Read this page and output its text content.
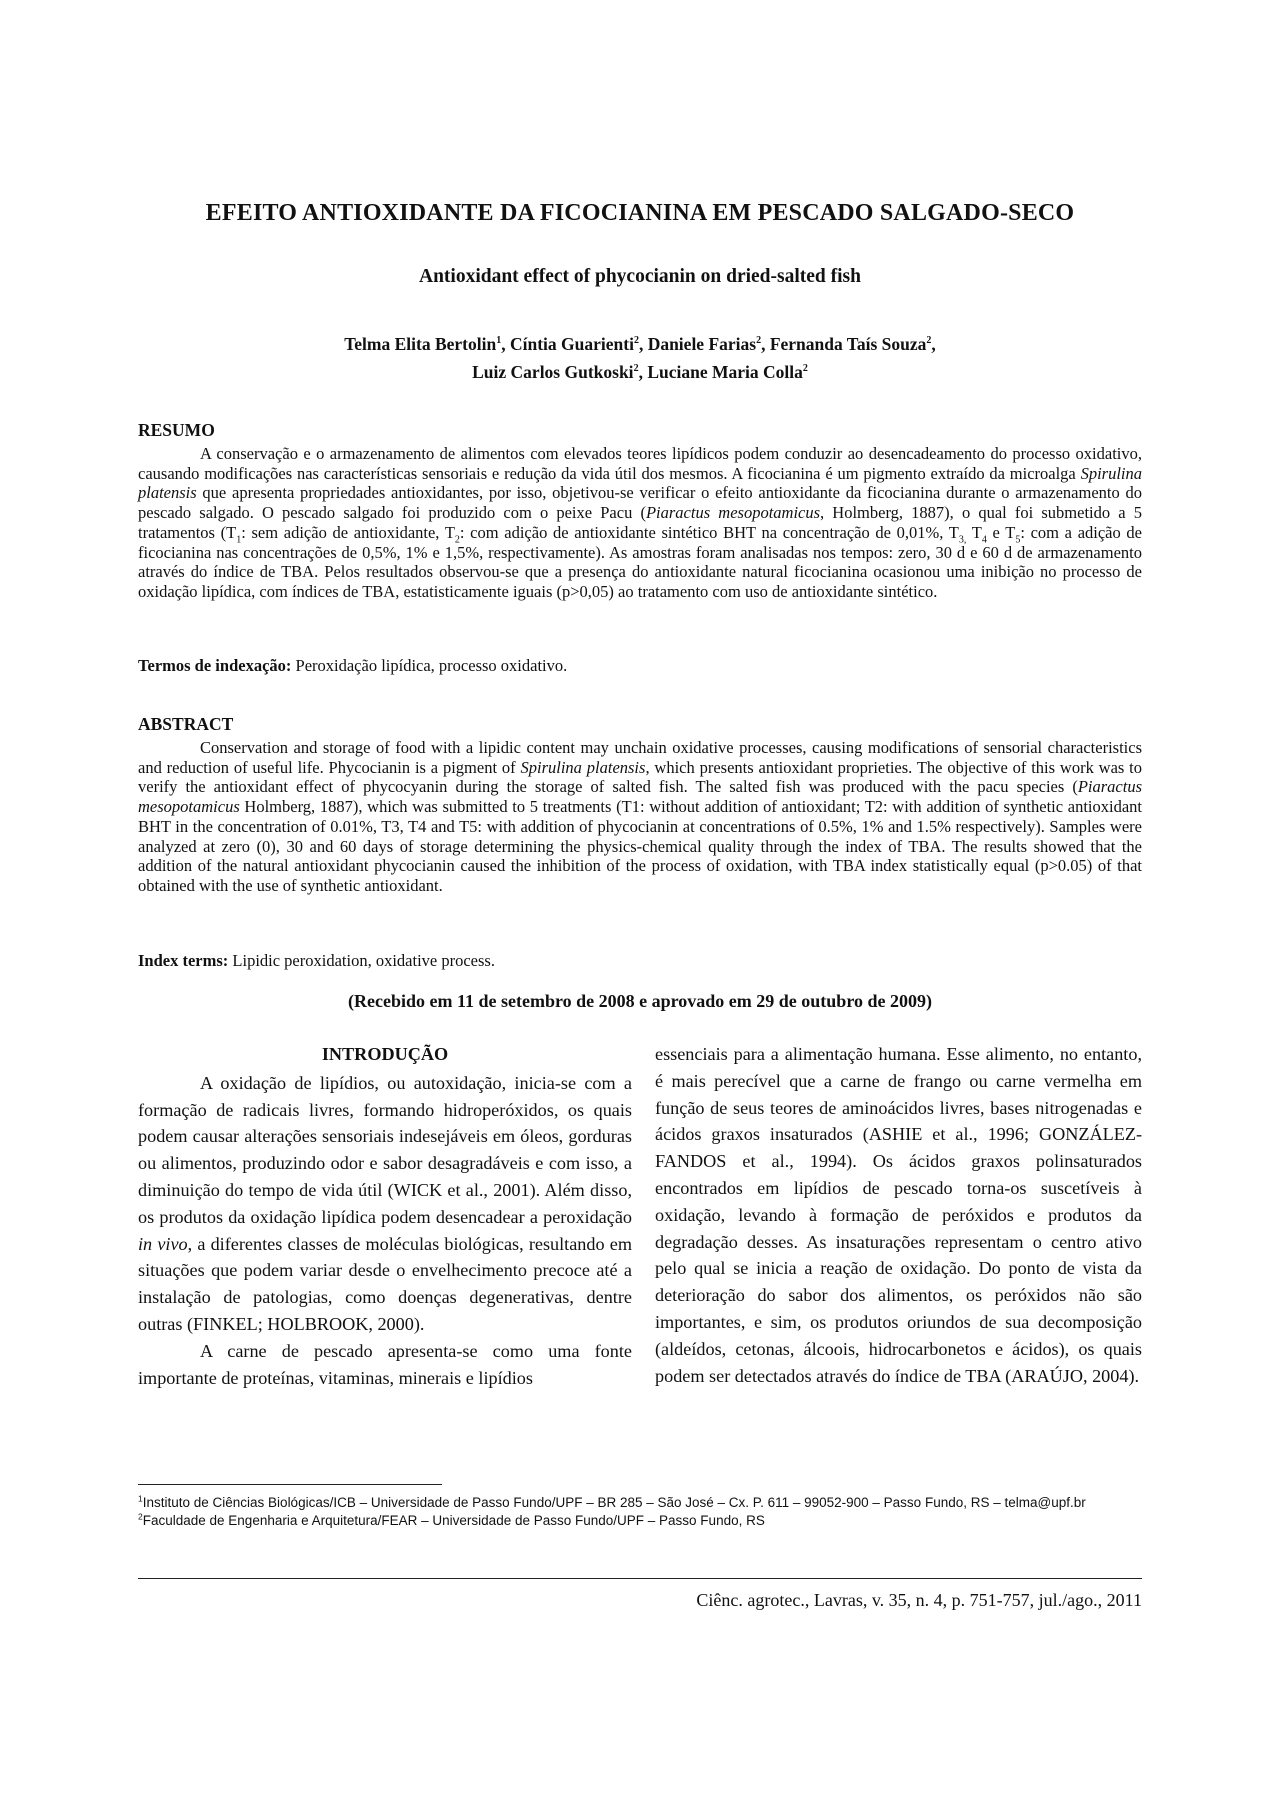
EFEITO ANTIOXIDANTE DA FICOCIANINA EM PESCADO SALGADO-SECO
Antioxidant effect of phycocianin on dried-salted fish
Telma Elita Bertolin$^1$, Cíntia Guarienti$^2$, Daniele Farias$^2$, Fernanda Taís Souza$^2$,
Luiz Carlos Gutkoski$^2$, Luciane Maria Colla$^2$
RESUMO

A conservação e o armazenamento de alimentos com elevados teores lipídicos podem conduzir ao desencadeamento do processo oxidativo, causando modificações nas características sensoriais e redução da vida útil dos mesmos. A ficocianina é um pigmento extraído da microalga Spirulina platensis que apresenta propriedades antioxidantes, por isso, objetivou-se verificar o efeito antioxidante da ficocianina durante o armazenamento do pescado salgado. O pescado salgado foi produzido com o peixe Pacu (Piaractus mesopotamicus, Holmberg, 1887), o qual foi submetido a 5 tratamentos ($T_1$: sem adição de antioxidante, $T_2$: com adição de antioxidante sintético BHT na concentração de 0,01%, $T_{3,}$ $T_4$ e $T_5$: com a adição de ficocianina nas concentrações de 0,5%, 1% e 1,5%, respectivamente). As amostras foram analisadas nos tempos: zero, 30 d e 60 d de armazenamento através do índice de TBA. Pelos resultados observou-se que a presença do antioxidante natural ficocianina ocasionou uma inibição no processo de oxidação lipídica, com índices de TBA, estatisticamente iguais (p>0,05) ao tratamento com uso de antioxidante sintético.

Termos de indexação: Peroxidação lipídica, processo oxidativo.
ABSTRACT

Conservation and storage of food with a lipidic content may unchain oxidative processes, causing modifications of sensorial characteristics and reduction of useful life. Phycocianin is a pigment of Spirulina platensis, which presents antioxidant proprieties. The objective of this work was to verify the antioxidant effect of phycocyanin during the storage of salted fish. The salted fish was produced with the pacu species (Piaractus mesopotamicus Holmberg, 1887), which was submitted to 5 treatments (T1: without addition of antioxidant; T2: with addition of synthetic antioxidant BHT in the concentration of 0.01%, T3, T4 and T5: with addition of phycocianin at concentrations of 0.5%, 1% and 1.5% respectively). Samples were analyzed at zero (0), 30 and 60 days of storage determining the physics-chemical quality through the index of TBA. The results showed that the addition of the natural antioxidant phycocianin caused the inhibition of the process of oxidation, with TBA index statistically equal (p>0.05) of that obtained with the use of synthetic antioxidant.

Index terms: Lipidic peroxidation, oxidative process.
(Recebido em 11 de setembro de 2008 e aprovado em 29 de outubro de 2009)

INTRODUÇÃO

A oxidação de lipídios, ou autoxidação, inicia-se com a formação de radicais livres, formando hidroperóxidos, os quais podem causar alterações sensoriais indesejáveis em óleos, gorduras ou alimentos, produzindo odor e sabor desagradáveis e com isso, a diminuição do tempo de vida útil (WICK et al., 2001). Além disso, os produtos da oxidação lipídica podem desencadear a peroxidação in vivo, a diferentes classes de moléculas biológicas, resultando em situações que podem variar desde o envelhecimento precoce até a instalação de patologias, como doenças degenerativas, dentre outras (FINKEL; HOLBROOK, 2000).

A carne de pescado apresenta-se como uma fonte importante de proteínas, vitaminas, minerais e lipídios

essenciais para a alimentação humana. Esse alimento, no entanto, é mais perecível que a carne de frango ou carne vermelha em função de seus teores de aminoácidos livres, bases nitrogenadas e ácidos graxos insaturados (ASHIE et al., 1996; GONZÁLEZ-FANDOS et al., 1994). Os ácidos graxos polinsaturados encontrados em lipídios de pescado torna-os suscetíveis à oxidação, levando à formação de peróxidos e produtos da degradação desses. As insaturações representam o centro ativo pelo qual se inicia a reação de oxidação. Do ponto de vista da deterioração do sabor dos alimentos, os peróxidos não são importantes, e sim, os produtos oriundos de sua decomposição (aldeídos, cetonas, álcoois, hidrocarbonetos e ácidos), os quais podem ser detectados através do índice de TBA (ARAÚJO, 2004).

$^1$Instituto de Ciências Biológicas/ICB – Universidade de Passo Fundo/UPF – BR 285 – São José – Cx. P. 611 – 99052-900 – Passo Fundo, RS – telma@upf.br

$^2$Faculdade de Engenharia e Arquitetura/FEAR – Universidade de Passo Fundo/UPF – Passo Fundo, RS

Ciênc. agrotec., Lavras, v. 35, n. 4, p. 751-757, jul./ago., 2011
